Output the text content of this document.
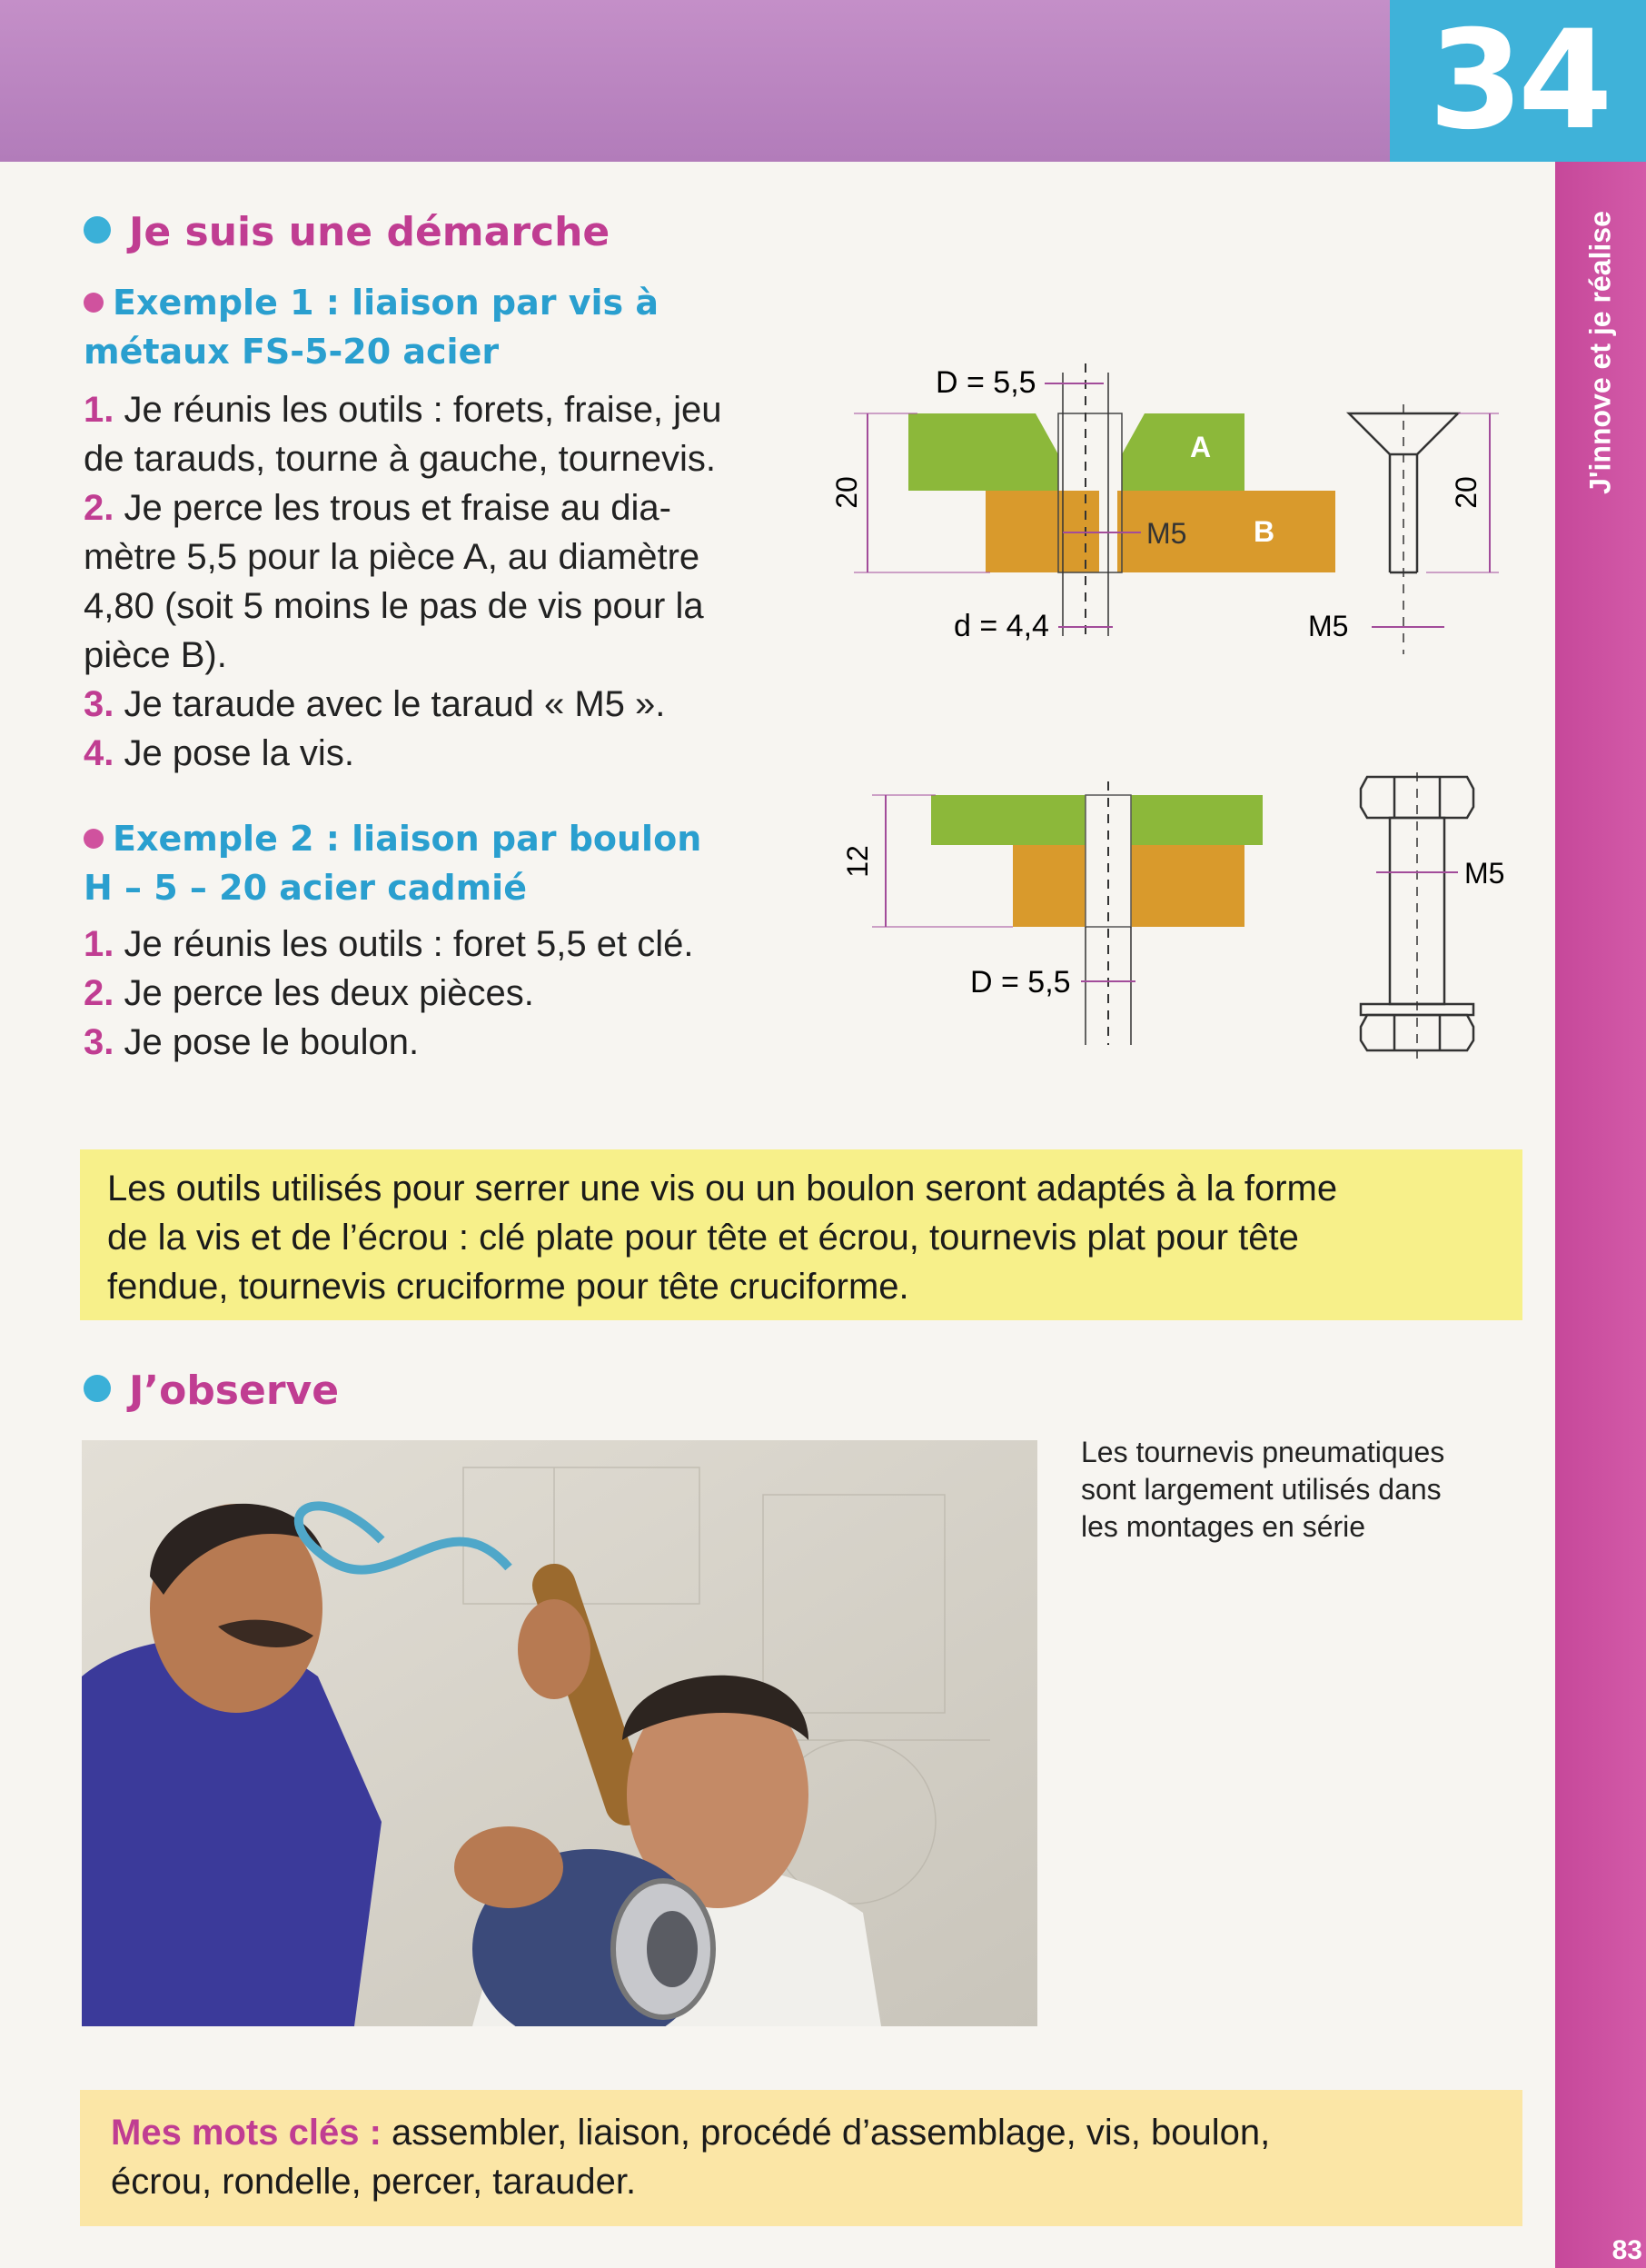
34
J'innove et je réalise
83
Je suis une démarche
Exemple 1 : liaison par vis à
métaux FS-5-20 acier
1. Je réunis les outils : forets, fraise, jeu
de tarauds, tourne à gauche, tournevis.
2. Je perce les trous et fraise au dia-
mètre 5,5 pour la pièce A, au diamètre
4,80 (soit 5 moins le pas de vis pour la
pièce B).
3. Je taraude avec le taraud « M5 ».
4. Je pose la vis.
Exemple 2 : liaison par boulon
H – 5 – 20 acier cadmié
1. Je réunis les outils : foret 5,5 et clé.
2. Je perce les deux pièces.
3. Je pose le boulon.
A
B
20
D = 5,5
M5
d = 4,4
20
M5
12
D = 5,5
M5
Les outils utilisés pour serrer une vis ou un boulon seront adaptés à la forme
de la vis et de l’écrou : clé plate pour tête et écrou, tournevis plat pour tête
fendue, tournevis cruciforme pour tête cruciforme.
J’observe
Les tournevis pneumatiques
sont largement utilisés dans
les montages en série
Mes mots clés : assembler, liaison, procédé d’assemblage, vis, boulon,
écrou, rondelle, percer, tarauder.
